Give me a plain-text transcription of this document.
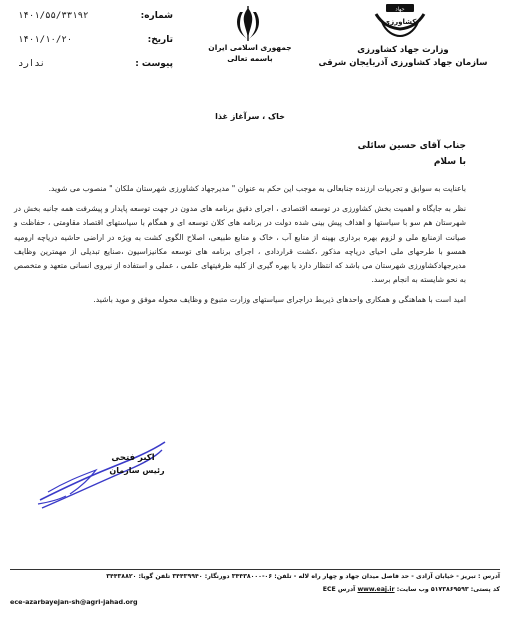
شماره:
۱۴۰۱/۵۵/۳۳۱۹۲
تاریخ:
۱۴۰۱/۱۰/۲۰
پیوست :
ندارد
جمهوری اسلامی ایران
باسمه تعالی
جهاد
کشاورزی
وزارت جهاد کشاورزی
سازمان جهاد کشاورزی آذربایجان شرقی
خاک ، سرآغاز غذا
جناب آقای حسین سائلی
با سلام

باعنایت به سوابق و تجربیات ارزنده جنابعالی به موجب این حکم به عنوان " مدیرجهاد کشاورزی شهرستان ملکان " منصوب می شوید.

نظر به جایگاه و اهمیت بخش کشاورزی در توسعه اقتصادی ، اجرای دقیق برنامه های مدون در جهت توسعه پایدار و پیشرفت همه جانبه بخش در شهرستان هم سو با سیاستها و اهداف پیش بینی شده دولت در برنامه های کلان توسعه ای و همگام با سیاستهای اقتصاد مقاومتی ، حفاظت و صیانت ازمنابع ملی و لزوم بهره برداری بهینه از منابع آب ، خاک و منابع طبیعی، اصلاح الگوی کشت به ویژه در اراضی حاشیه دریاچه ارومیه همسو با طرحهای ملی احیای دریاچه مذکور ،کشت قراردادی ، اجرای برنامه های توسعه مکانیزاسیون ،صنایع تبدیلی از مهمترین وظایف مدیرجهادکشاورزی شهرستان می باشد که انتظار دارد با بهره گیری از کلیه ظرفیتهای علمی ، عملی و استفاده از نیروی انسانی متعهد و متخصص به نحو شایسته به انجام برسد.

امید است با هماهنگی و همکاری واحدهای ذیربط دراجرای سیاستهای وزارت متبوع و وظایف محوله موفق و موید باشید.

اکبر فتحی
رئیس سازمان
آدرس : تبریز - خیابان آزادی - حد فاصل میدان جهاد و چهار راه لاله - تلفن: ۰۶-۳۴۴۳۸۰۰۰ دورنگار: ۳۴۴۳۹۹۴۰ تلفن گویا: ۳۴۴۳۸۸۲۰
کد پستی: ۵۱۷۳۸۶۹۵۹۳ وب سایت: www.eaj.ir آدرس ECE
ece-azarbayejan-sh@agri-jahad.org
